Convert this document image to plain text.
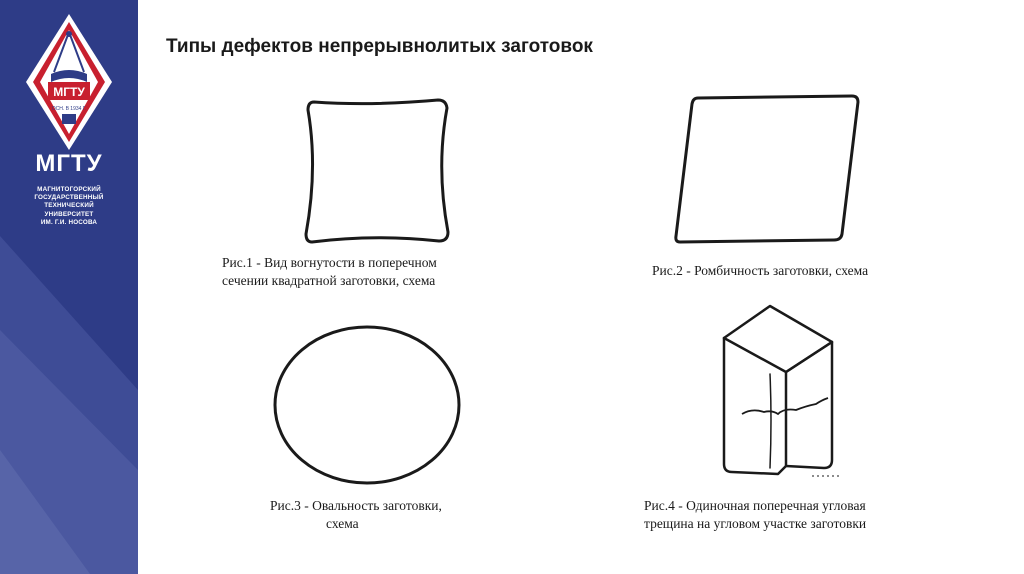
МГТУ
ОСН. В 1934 Г.
МГТУ
МАГНИТОГОРСКИЙ
ГОСУДАРСТВЕННЫЙ
ТЕХНИЧЕСКИЙ
УНИВЕРСИТЕТ
ИМ. Г.И. НОСОВА
Типы дефектов непрерывнолитых заготовок
Рис.1 - Вид вогнутости в поперечном
сечении квадратной заготовки, схема
Рис.2 - Ромбичность заготовки, схема
Рис.3 - Овальность заготовки,
схема
Рис.4 - Одиночная поперечная угловая
трещина на угловом участке заготовки
